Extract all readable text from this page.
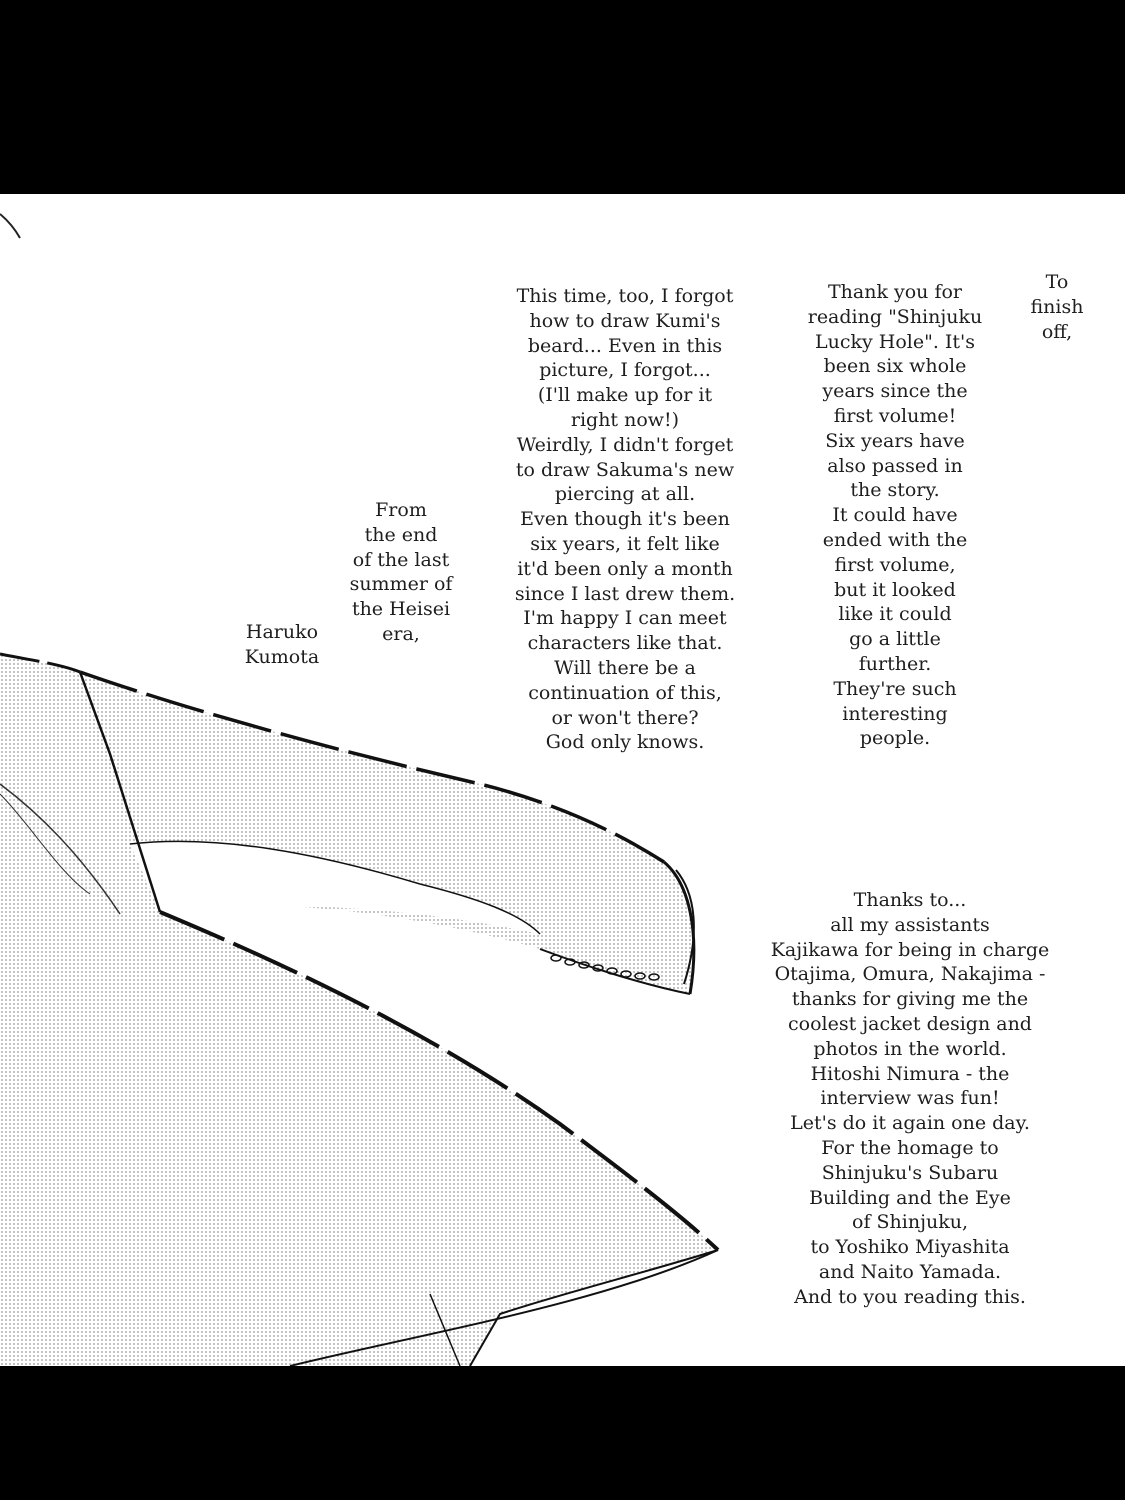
To
finish
off,
Thank you for
reading "Shinjuku
Lucky Hole". It's
been six whole
years since the
first volume!
Six years have
also passed in
the story.
It could have
ended with the
first volume,
but it looked
like it could
go a little
further.
They're such
interesting
people.
This time, too, I forgot
how to draw Kumi's
beard... Even in this
picture, I forgot...
(I'll make up for it
right now!)
Weirdly, I didn't forget
to draw Sakuma's new
piercing at all.
Even though it's been
six years, it felt like
it'd been only a month
since I last drew them.
I'm happy I can meet
characters like that.
Will there be a
continuation of this,
or won't there?
God only knows.
From
the end
of the last
summer of
the Heisei
era,
Haruko
Kumota
Thanks to...
all my assistants
Kajikawa for being in charge
Otajima, Omura, Nakajima -
thanks for giving me the
coolest jacket design and
photos in the world.
Hitoshi Nimura - the
interview was fun!
Let's do it again one day.
For the homage to
Shinjuku's Subaru
Building and the Eye
of Shinjuku,
to Yoshiko Miyashita
and Naito Yamada.
And to you reading this.
